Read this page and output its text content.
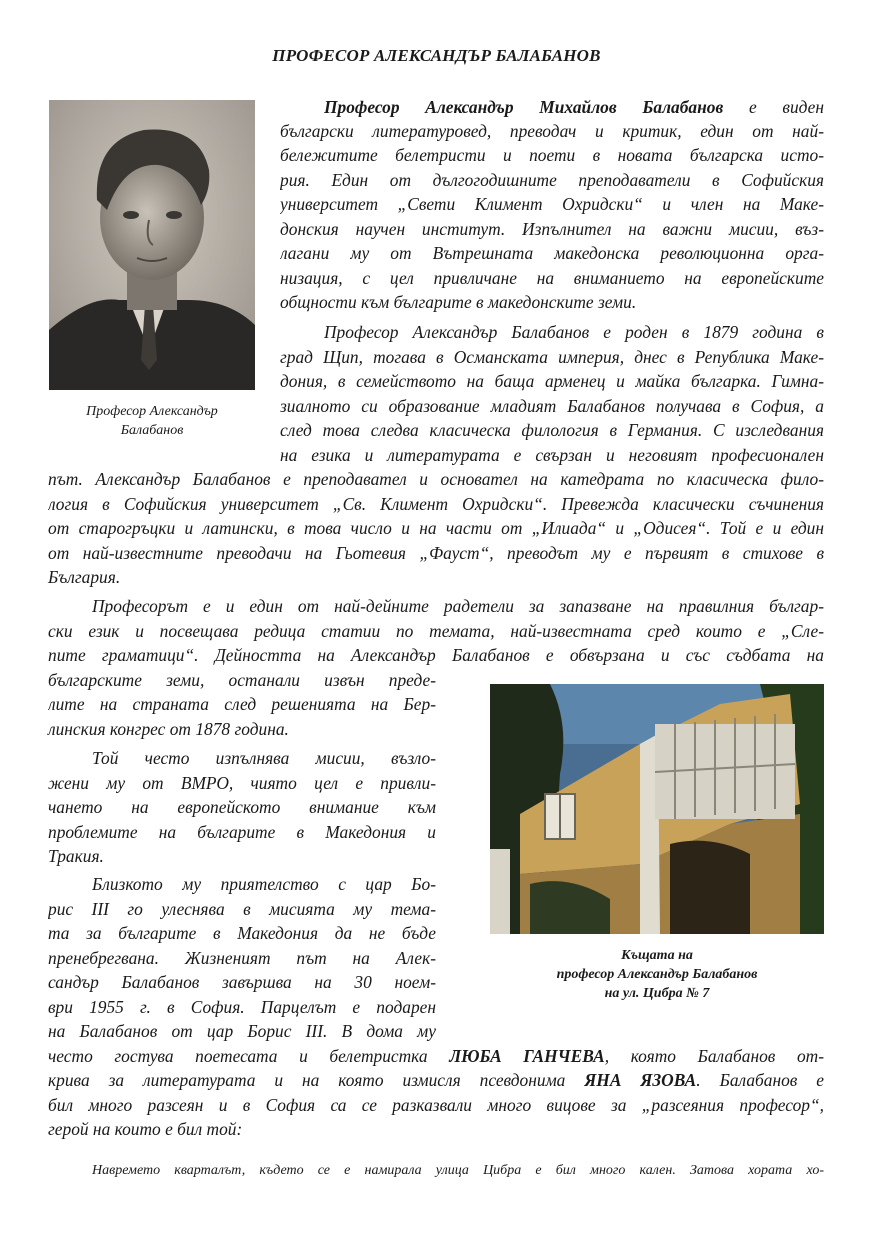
ПРОФЕСОР АЛЕКСАНДЪР БАЛАБАНОВ
Професор Александър
Балабанов
Къщата на
професор Александър Балабанов
на ул. Цибра № 7
Професор Александър Михайлов Балабанов е виден
български литературовед, преводач и критик, един от най-
бележитите белетристи и поети в новата българска исто-
рия. Един от дългогодишните преподаватели в Софийския
университет „Свети Климент Охридски“ и член на Маке-
донския научен институт. Изпълнител на важни мисии, въз-
лагани му от Вътрешната македонска революционна орга-
низация, с цел привличане на вниманието на европейските
общности към българите в македонските земи.
Професор Александър Балабанов е роден в 1879 година в
град Щип, тогава в Османската империя, днес в Република Маке-
дония, в семейството на баща арменец и майка българка. Гимна-
зиалното си образование младият Балабанов получава в София, а
след това следва класическа филология в Германия. С изследвания
на езика и литературата е свързан и неговият професионален
път. Александър Балабанов е преподавател и основател на катедрата по класическа фило-
логия в Софийския университет „Св. Климент Охридски“. Превежда класически съчинения
от старогръцки и латински, в това число и на части от „Илиада“ и „Одисея“. Той е и един
от най-известните преводачи на Гьотевия „Фауст“, преводът му е първият в стихове в
България.
Професорът е и един от най-дейните радетели за запазване на правилния българ-
ски език и посвещава редица статии по темата, най-известната сред които е „Сле-
пите граматици“. Дейността на Александър Балабанов е обвързана и със съдбата на
българските земи, останали извън преде-
лите на страната след решенията на Бер-
линския конгрес от 1878 година.
Той често изпълнява мисии, възло-
жени му от ВМРО, чиято цел е привли-
чането на европейското внимание към
проблемите на българите в Македония и
Тракия.
Близкото му приятелство с цар Бо-
рис III го улеснява в мисията му тема-
та за българите в Македония да не бъде
пренебрегвана. Жизненият път на Алек-
сандър Балабанов завършва на 30 ноем-
ври 1955 г. в София. Парцелът е подарен
на Балабанов от цар Борис III. В дома му
често гостува поетесата и белетристка ЛЮБА ГАНЧЕВА, която Балабанов от-
крива за литературата и на която измисля псевдонима ЯНА ЯЗОВА. Балабанов е
бил много разсеян и в София са се разказвали много вицове за „разсеяния професор“,
герой на които е бил той:
Навремето кварталът, където се е намирала улица Цибра е бил много кален. Затова хората хо-
